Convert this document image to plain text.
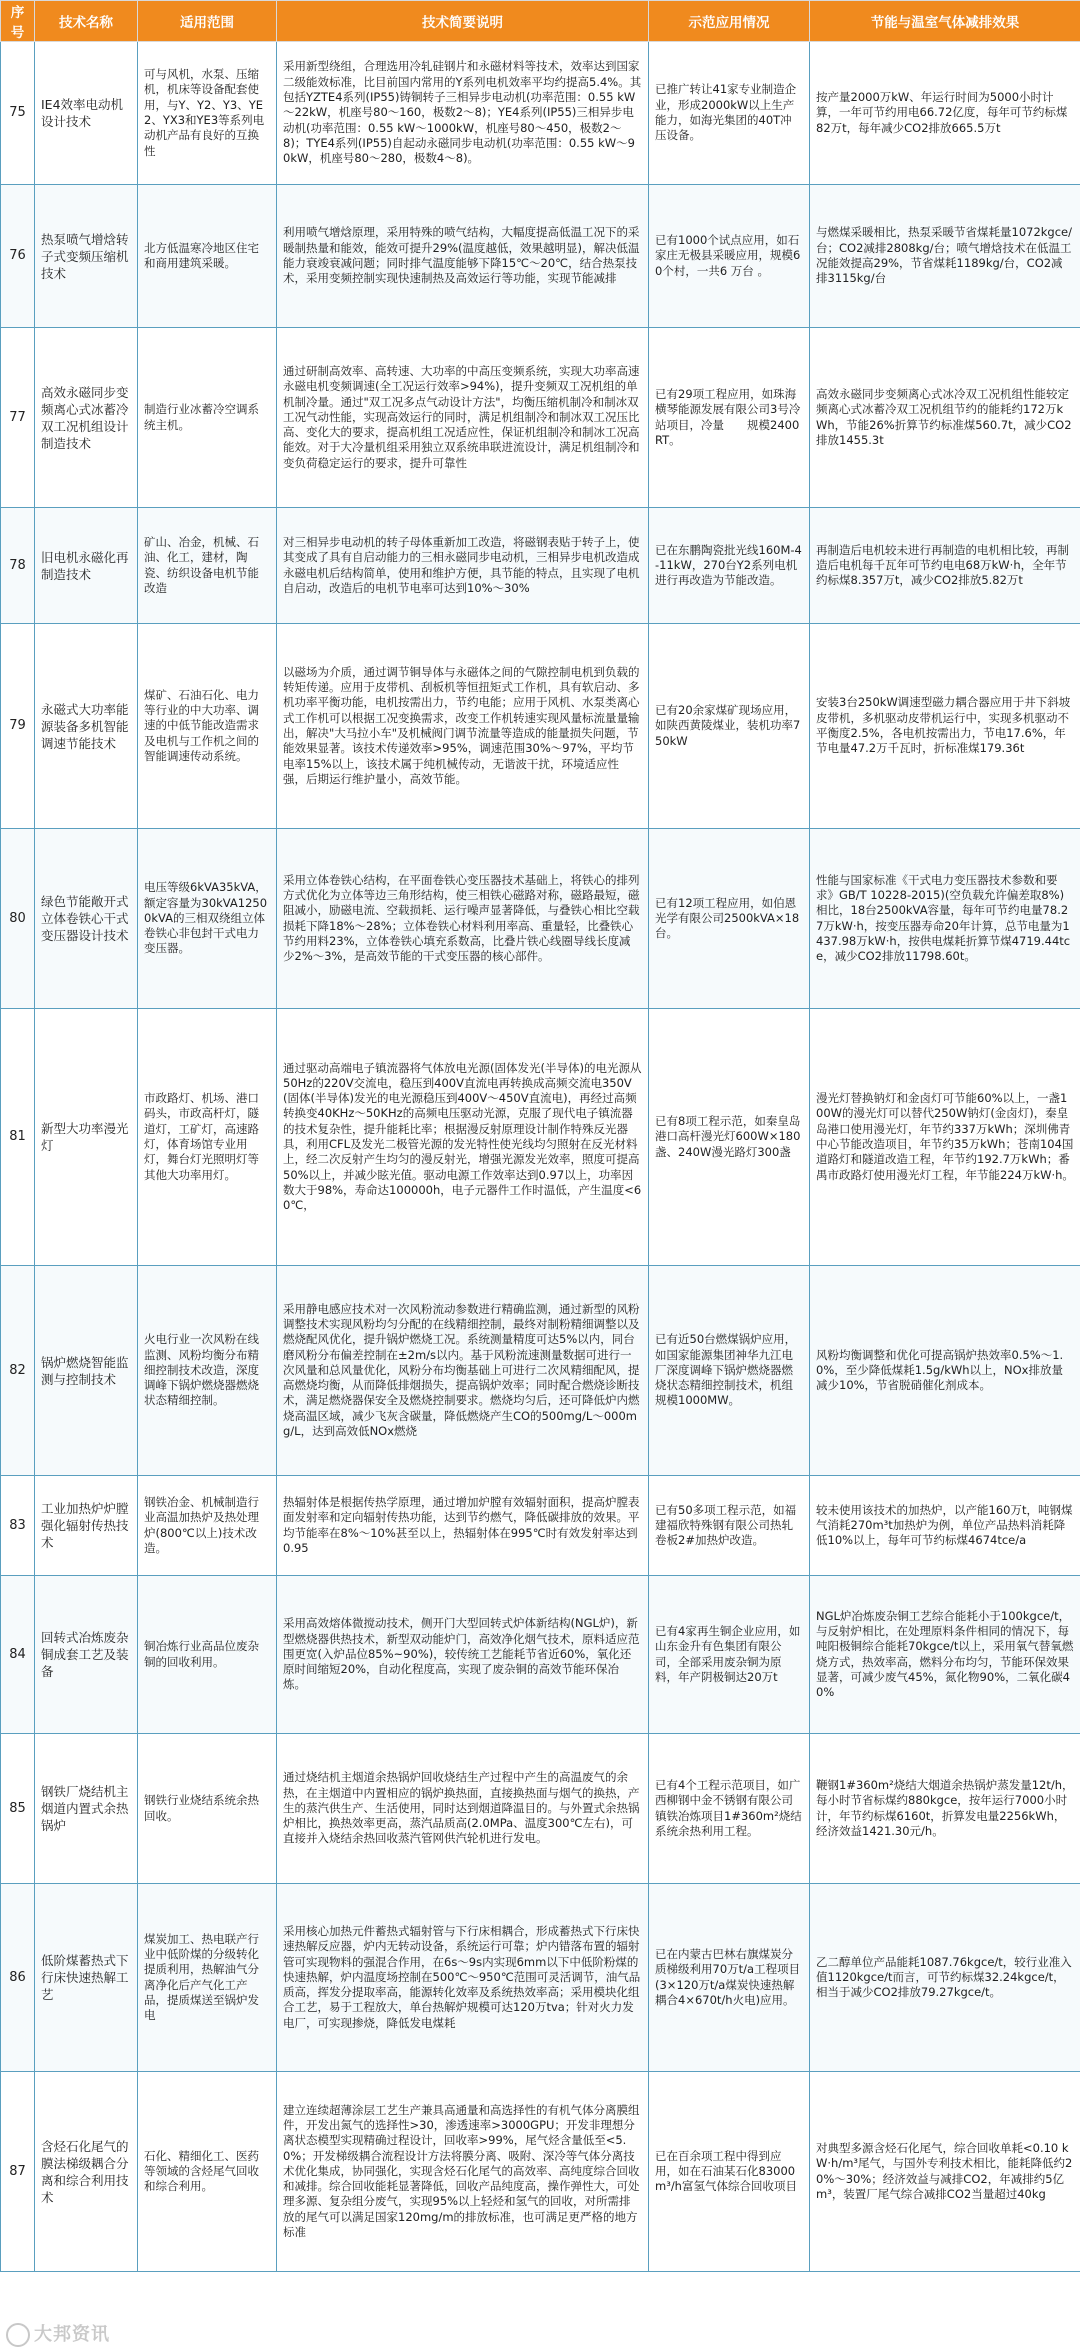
序号	技术名称	适用范围	技术简要说明	示范应用情况	节能与温室气体减排效果
75	IE4效率电动机设计技术	可与风机，水泵、压缩机，机床等设备配套使用，与Y、Y2、Y3、YE2、YX3和YE3等系列电动机产品有良好的互换性	采用新型绕组，合理选用冷轧硅钢片和永磁材料等技术，效率达到国家二级能效标准，比目前国内常用的Y系列电机效率平均约提高5.4%。其包括YZTE4系列(IP55)铸铜转子三相异步电动机(功率范围：0.55 kW～22kW，机座号80～160，极数2～8)；YE4系列(IP55)三相异步电动机(功率范围：0.55 kW～1000kW，机座号80～450，极数2～8)；TYE4系列(IP55)自起动永磁同步电动机(功率范围：0.55 kW～90kW，机座号80～280，极数4～8)。	已推广转让41家专业制造企业，形成2000kW以上生产能力，如海光集团的40T冲压设备。	按产量2000万kW、年运行时间为5000小时计算，一年可节约用电66.72亿度，每年可节约标煤82万t，每年减少CO2排放665.5万t
76	热泵喷气增焓转子式变频压缩机技术	北方低温寒冷地区住宅和商用建筑采暖。	利用喷气增焓原理，采用特殊的喷气结构，大幅度提高低温工况下的采暖制热量和能效，能效可提升29%(温度越低，效果越明显)，解决低温能力衰竣衰减问题；同时排气温度能够下降15℃～20℃，结合热泵技术，采用变频控制实现快速制热及高效运行等功能，实现节能减排	已有1000个试点应用，如石家庄无极县采暖应用，规模60个村，一共6 万台 。	与燃煤采暖相比，热泵采暖节省煤耗量1072kgce/台；CO2减排2808kg/台；喷气增焓技术在低温工况能效提高29%，节省煤耗1189kg/台，CO2减排3115kg/台
77	高效永磁同步变频离心式冰蓄冷双工况机组设计制造技术	制造行业冰蓄冷空调系统主机。	通过研制高效率、高转速、大功率的中高压变频系统，实现大功率高速永磁电机变频调速(全工况运行效率>94%)，提升变频双工况机组的单机制冷量。通过"双工况多点气动设计方法"，均衡压缩机制冷和制冰双工况气动性能，实现高效运行的同时，满足机组制冷和制冰双工况压比高、变化大的要求，提高机组工况适应性，保证机组制冷和制冰工况高能效。对于大冷量机组采用独立双系统串联进流设计，满足机组制冷和变负荷稳定运行的要求，提升可靠性	已有29项工程应用，如珠海横琴能源发展有限公司3号冷站项目，冷量　　规模2400RT。	高效永磁同步变频离心式冰冷双工况机组性能较定频离心式冰蓄冷双工况机组节约的能耗约172万kWh，节能26%折算节约标准煤560.7t，减少CO2排放1455.3t
78	旧电机永磁化再制造技术	矿山、冶金，机械、石油、化工，建材，陶瓷、纺织设备电机节能改造	对三相异步电动机的转子母体重新加工改造，将磁钢表贴于转子上，使其变成了具有自启动能力的三相永磁同步电动机，三相异步电机改造成永磁电机后结构简单，使用和维护方便，具节能的特点，且实现了电机自启动，改造后的电机节电率可达到10%～30%	已在东鹏陶瓷批光线160M-4-11kW，270台Y2系列电机进行再改造为节能改造。	再制造后电机较未进行再制造的电机相比较，再制造后电机每千瓦年可节约电电68万kW·h，全年节约标煤8.357万t，减少CO2排放5.82万t
79	永磁式大功率能源装备多机智能调速节能技术	煤矿、石油石化、电力等行业的中大功率、调速的中低节能改造需求及电机与工作机之间的智能调速传动系统。	以磁场为介质，通过调节铜导体与永磁体之间的气隙控制电机到负载的转矩传递。应用于皮带机、刮板机等恒扭矩式工作机，具有软启动、多机功率平衡功能，电机按需出力，节约电能；应用于风机、水泵类离心式工作机可以根据工况变换需求，改变工作机转速实现风量标流量量输出，解决"大马拉小车"及机械阀门调节流量等造成的能量损失问题，节能效果显著。该技术传递效率>95%，调速范围30%～97%，平均节电率15%以上，该技术属于纯机械传动，无谐波干扰，环境适应性强，后期运行维护量小，高效节能。	已有20余家煤矿现场应用，如陕西黄陵煤业，装机功率750kW	安装3台250kW调速型磁力耦合器应用于井下斜坡皮带机，多机驱动皮带机运行中，实现多机驱动不平衡度2.5%，各电机按需出力，节电17.6%，年节电量47.2万千瓦时，折标准煤179.36t
80	绿色节能敞开式立体卷铁心干式变压器设计技术	电压等级6kVA35kVA，额定容量为30kVA12500kVA的三相双绕组立体卷铁心非包封干式电力变压器。	采用立体卷铁心结构，在平面卷铁心变压器技术基础上，将铁心的排列方式优化为立体等边三角形结构，使三相铁心磁路对称，磁路最短，磁阻减小，励磁电流、空载损耗、运行噪声显著降低，与叠铁心相比空载损耗下降18%～28%；立体卷铁心材料利用率高、重量轻，比叠铁心节约用料23%，立体卷铁心填充系数高，比叠片铁心线圈导线长度减少2%～3%，是高效节能的干式变压器的核心部件。	已有12项工程应用，如伯恩光学有限公司2500kVA×18台。	性能与国家标准《干式电力变压器技术参数和要求》GB/T 10228-2015)(空负载允许偏差取8%)相比，18台2500kVA容量，每年可节约电量78.27万kW·h，按变压器寿命20年计算，总节电量为1437.98万kW·h，按供电煤耗折算节煤4719.44tce，减少CO2排放11798.60t。
81	新型大功率漫光灯	市政路灯、机场、港口码头，市政高杆灯，隧道灯，工矿灯，高速路灯，体育场馆专业用灯，舞台灯光照明灯等其他大功率用灯。	通过驱动高端电子镇流器将气体放电光源(固体发光(半导体)的电光源从50Hz的220V交流电，稳压到400V直流电再转换成高频交流电350V(固体(半导体)发光的电光源稳压到400V～450V直流电)，再经过高频转换变40KHz～50KHz的高频电压驱动光源，克服了现代电子镇流器的技术复杂性，提升能耗比率；根据漫反射原理设计制作特殊反光器具，利用CFL及发光二极管光源的发光特性使光线均匀照射在反光材料上，经二次反射产生均匀的漫反射光，增强光源发光效率，照度可提高50%以上，并减少眩光值。驱动电源工作效率达到0.97以上，功率因数大于98%，寿命达100000h，电子元器件工作时温低，产生温度<60℃，	已有8项工程示范，如秦皇岛港口高杆漫光灯600W×180盏、240W漫光路灯300盏	漫光灯替换钠灯和金卤灯可节能60%以上，一盏100W的漫光灯可以替代250W钠灯(金卤灯)，秦皇岛港口使用漫光灯，年节约337万kWh；深圳佛青中心节能改造项目，年节约35万kWh；苍南104国道路灯和隧道改造工程，年节约192.7万kWh；番禺市政路灯使用漫光灯工程，年节能224万kW·h。
82	锅炉燃烧智能监测与控制技术	火电行业一次风粉在线监测、风粉均衡分布精细控制技术改造，深度调峰下锅炉燃烧器燃烧状态精细控制。	采用静电感应技术对一次风粉流动参数进行精确监测，通过新型的风粉调整技术实现风粉均匀分配的在线精细控制，最终对制粉精细调整以及燃烧配风优化，提升锅炉燃烧工况。系统测量精度可达5%以内，同台磨风粉分布偏差控制在±2m/s以内。基于风粉流速测量数据可进行一次风量和总风量优化，风粉分布均衡基础上可进行二次风精细配风，提高燃烧均衡，从而降低排烟损失，提高锅炉效率；同时配合燃烧诊断技术，满足燃烧器保安全及燃烧控制要求。燃烧均匀后，还可降低炉内燃烧高温区域，减少飞灰含碳量，降低燃烧产生CO的500mg/L～000mg/L，达到高效低NOx燃烧	已有近50台燃煤锅炉应用，如国家能源集团神华九江电厂深度调峰下锅炉燃烧器燃烧状态精细控制技术，机组规模1000MW。	风粉均衡调整和优化可提高锅炉热效率0.5%～1.0%，至少降低煤耗1.5g/kWh以上，NOx排放量减少10%，节省脱硝催化剂成本。
83	工业加热炉炉膛强化辐射传热技术	钢铁冶金、机械制造行业高温加热炉及热处理炉(800℃以上)技术改造。	热辐射体是根据传热学原理，通过增加炉膛有效辐射面积，提高炉膛表面发射率和定向辐射传热功能，达到节约燃气，降低碳排放的效果。平均节能率在8%～10%甚至以上，热辐射体在995℃时有效发射率达到0.95	已有50多项工程示范，如福建福欣特殊钢有限公司热轧卷板2#加热炉改造。	较未使用该技术的加热炉，以产能160万t，吨钢煤气消耗270m³t加热炉为例，单位产品热料消耗降低10%以上，每年可节约标煤4674tce/a
84	回转式冶炼废杂铜成套工艺及装备	铜冶炼行业高品位废杂铜的回收利用。	采用高效熔体微搅动技术，侧开门大型回转式炉体新结构(NGL炉)，新型燃烧器供热技术，新型双动能炉门，高效净化烟气技术，原料适应范围更宽(入炉品位85%~90%)，较传统工艺能耗节省近60%，氧化还原时间缩短20%，自动化程度高，实现了废杂铜的高效节能环保冶炼。	已有4家再生铜企业应用，如山东金升有色集团有限公司，全部采用废杂铜为原料，年产阴极铜达20万t	NGL炉冶炼废杂铜工艺综合能耗小于100kgce/t，与反射炉相比，在处理原料条件相同的情况下，每吨阳极铜综合能耗70kgce/t以上，采用氧气替氧燃烧方式，热效率高，燃料分布均匀，节能环保效果显著，可减少废气45%，氮化物90%，二氧化碳40%
85	钢铁厂烧结机主烟道内置式余热锅炉	钢铁行业烧结系统余热回收。	通过烧结机主烟道余热锅炉回收烧结生产过程中产生的高温废气的余热，在主烟道中内置相应的锅炉换热面，直接换热面与烟气的换热，产生的蒸汽供生产、生活使用，同时达到烟道降温目的。与外置式余热锅炉相比，换热效率更高，蒸汽品质高(2.0MPa、温度300℃左右)，可直接并入烧结余热回收蒸汽管网供汽轮机进行发电。	已有4个工程示范项目，如广西柳钢中金不锈钢有限公司镇铁冶炼项目1#360m²烧结系统余热利用工程。	鞭钢1#360m²烧结大烟道余热锅炉蒸发量12t/h，每小时节省标煤约880kgce，按年运行7000小时计，年节约标煤6160t，折算发电量2256kWh，经济效益1421.30元/h。
86	低阶煤蓄热式下行床快速热解工艺	煤炭加工、热电联产行业中低阶煤的分级转化提质利用，热解油气分离净化后产气化工产品，提质煤送至锅炉发电	采用核心加热元件蓄热式辐射管与下行床相耦合，形成蓄热式下行床快速热解反应器，炉内无转动设备，系统运行可靠；炉内错落布置的辐射管可实现物料的强混合作用，在6s～9s内实现6mm以下中低阶粉煤的快速热解，炉内温度场控制在500℃～950℃范围可灵活调节，油气品质高，挥发分提取率高，能源转化效率及系统热效率高；采用模块化组合工艺，易于工程放大，单台热解炉规模可达120万tva；针对火力发电厂，可实现掺烧，降低发电煤耗	已在内蒙古巴林右旗煤炭分质梯级利用70万t/a工程项目(3×120万t/a煤炭快速热解耦合4×670t/h火电)应用。	乙二醇单位产品能耗1087.76kgce/t，较行业准入值1120kgce/t而言，可节约标煤32.24kgce/t，相当于减少CO2排放79.27kgce/t。
87	含烃石化尾气的膜法梯级耦合分离和综合利用技术	石化、精细化工、医药等领域的含烃尾气回收和综合利用。	建立连续超薄涂层工艺生产兼具高通量和高选择性的有机气体分离膜组件，开发出氮气的选择性>30，渗透速率>3000GPU；开发非理想分离状态模型实现精确过程设计，回收率>99%，尾气烃含量低至<5.0%；开发梯级耦合流程设计方法将膜分离、吸附、深冷等气体分离技术优化集成，协同强化，实现含烃石化尾气的高效率、高纯度综合回收和减排。综合回收能耗显著降低，回收产品纯度高，操作弹性大，可处理多源、复杂组分废气，实现95%以上轻烃和氢气的回收，对所需排放的尾气可以满足国家120mg/m的排放标准，也可满足更严格的地方标准	已在百余项工程中得到应用，如在石油某石化83000m³/h富氢气体综合回收项目	对典型多源含烃石化尾气，综合回收单耗<0.10 kW·h/m³尾气，与国外专利技术相比，能耗降低约20%～30%；经济效益与减排CO2，年减排约5亿m³，装置厂尾气综合减排CO2当量超过40kg
大邦资讯
